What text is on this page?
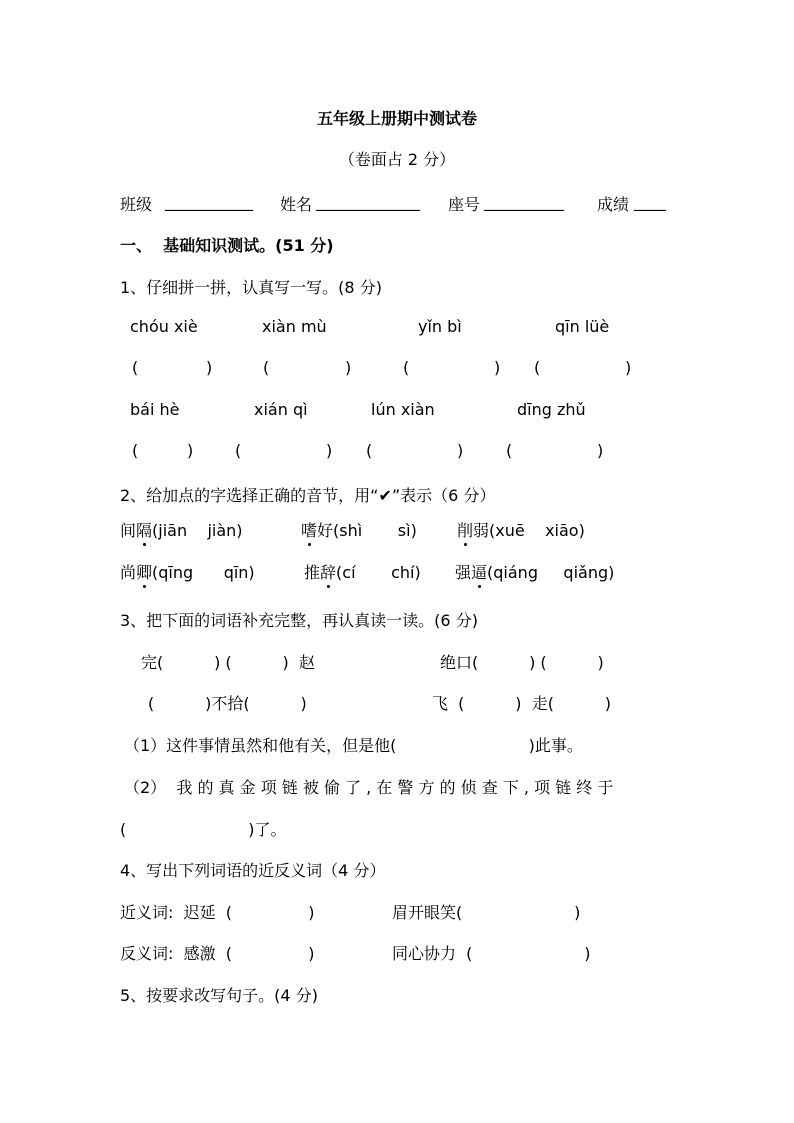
五年级上册期中测试卷
（卷面占 2 分）
班级 ___________ 姓名 _____________ 座号 __________ 成绩 ____
一、  基础知识测试。(51 分)
1、仔细拼一拼，认真写一写。(8 分)
chóu xiè	xiàn mù	yǐn bì	qīn lüè
(	)	(	)	(	) (	)
bái hè	xián qì	lún xiàn	dīng zhǔ
(	)	(	) (	)	(	)
2、给加点的字选择正确的音节，用“✔”表示（6 分）
间隔(jiān    jiàn)	嗜好(shì       sì)	削弱(xuē    xiāo)
尚卿(qīng      qīn)	推辞(cí       chí) 强逼(qiáng     qiǎng)
3、把下面的词语补充完整，再认真读一读。(6 分)
完(          ) (          )  赵	绝口(          ) (          )
(          )不拾(          )	飞  (          )  走(          )
（1）这件事情虽然和他有关，但是他(                          )此事。
（2）  我 的 真 金 项 链 被 偷 了 , 在 警 方 的 侦 查 下 , 项 链 终 于
(                        )了。
4、写出下列词语的近反义词（4 分）
近义词:  迟延  (               )	眉开眼笑(                      )
反义词:  感激  (               )	同心协力  (                      )
5、按要求改写句子。(4 分)
